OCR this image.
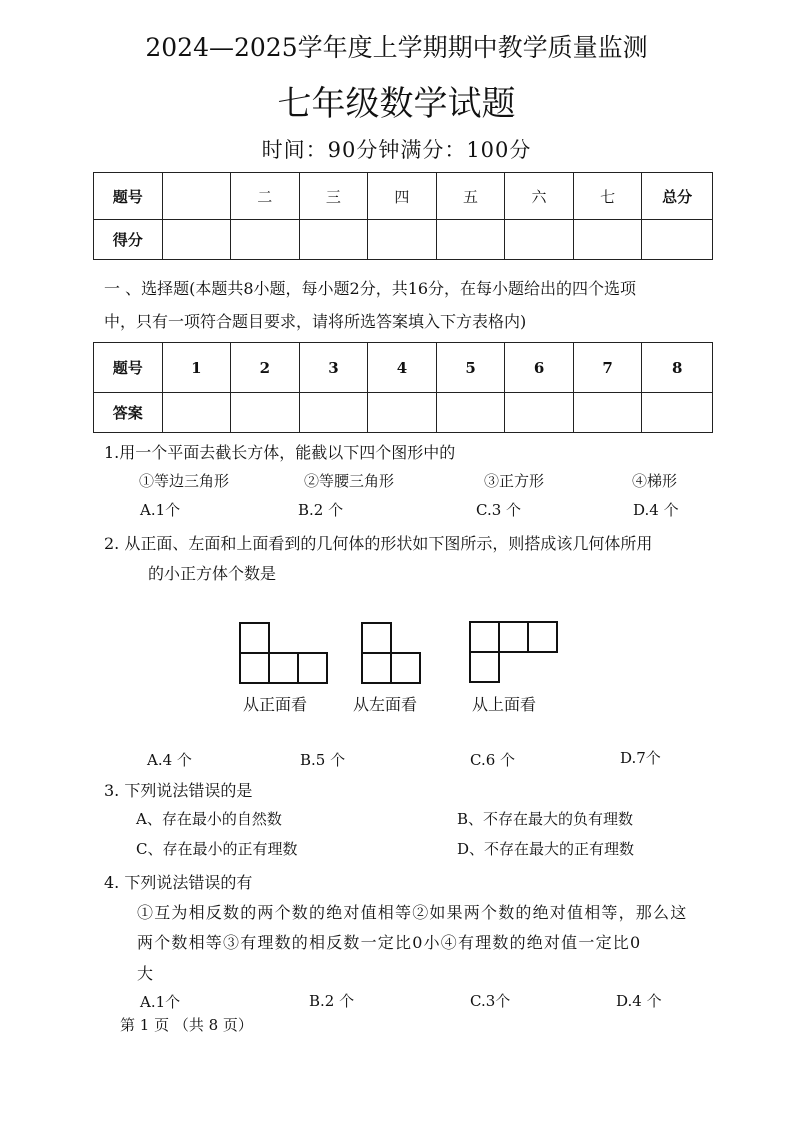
2024—2025学年度上学期期中教学质量监测
七年级数学试题
时间：90分钟满分：100分
题号		二	三	四	五	六	七	总分
得分								
一 、选择题(本题共8小题，每小题2分，共16分，在每小题给出的四个选项
中，只有一项符合题目要求，请将所选答案填入下方表格内)
题号	1	2	3	4	5	6	7	8
答案								
1.用一个平面去截长方体，能截以下四个图形中的
①等边三角形	②等腰三角形	③正方形	④梯形
A.1个	B.2 个	C.3 个	D.4 个
2. 从正面、左面和上面看到的几何体的形状如下图所示，则搭成该几何体所用
的小正方体个数是
从正面看	从左面看	从上面看
A.4 个	B.5 个	C.6 个	D.7个
3. 下列说法错误的是
A、存在最小的自然数	B、不存在最大的负有理数
C、存在最小的正有理数	D、不存在最大的正有理数
4. 下列说法错误的有
①互为相反数的两个数的绝对值相等②如果两个数的绝对值相等，那么这
两个数相等③有理数的相反数一定比0小④有理数的绝对值一定比0
大
A.1个	B.2 个	C.3个	D.4 个
第 1 页 （共 8 页）
